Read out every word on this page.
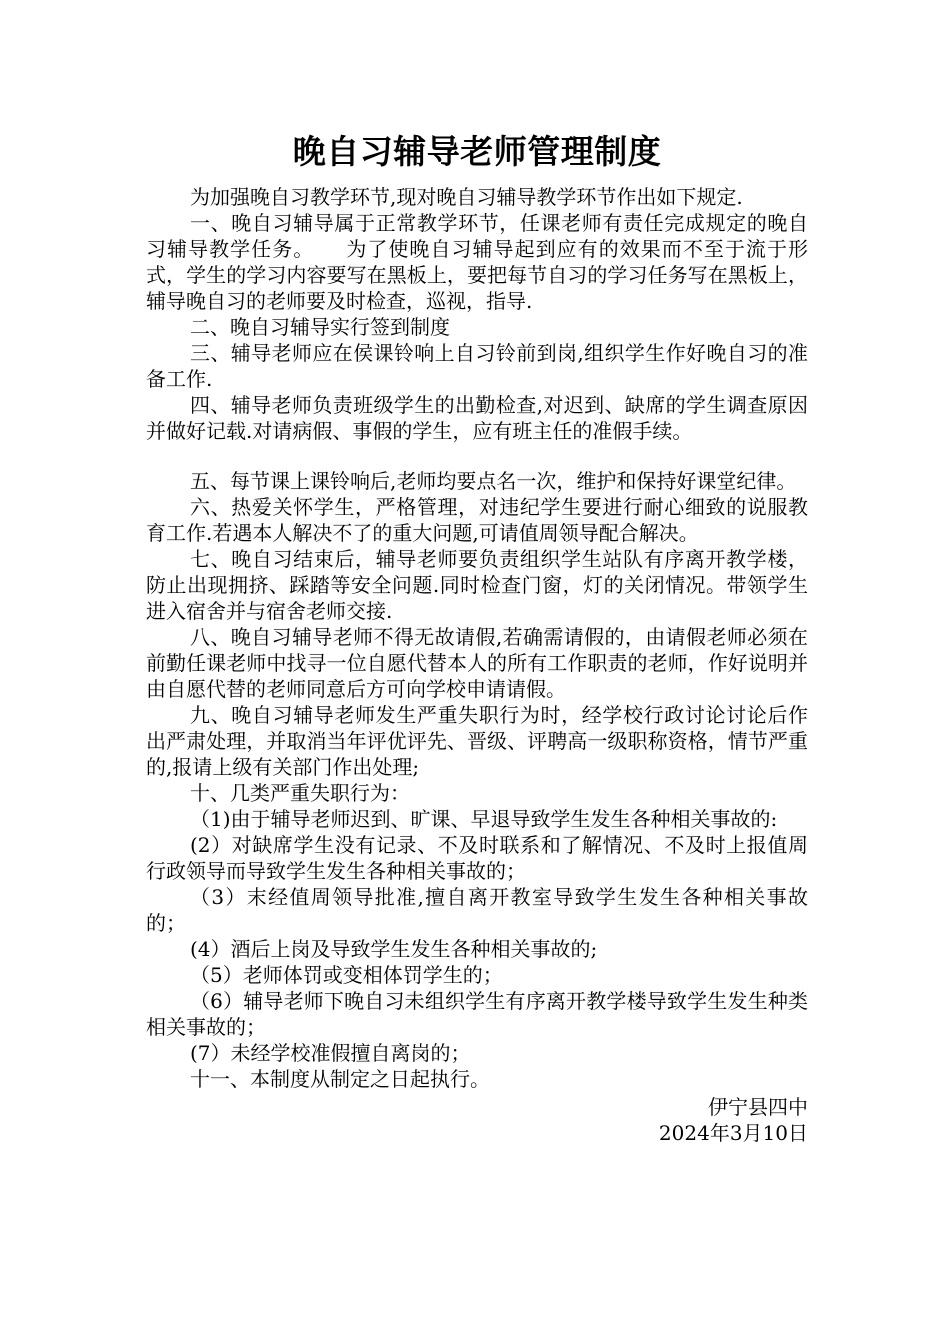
晚自习辅导老师管理制度

为加强晚自习教学环节,现对晚自习辅导教学环节作出如下规定.

一、晚自习辅导属于正常教学环节，任课老师有责任完成规定的晚自习辅导教学任务。　　为了使晚自习辅导起到应有的效果而不至于流于形式，学生的学习内容要写在黑板上，要把每节自习的学习任务写在黑板上，辅导晚自习的老师要及时检查，巡视，指导.

二、晚自习辅导实行签到制度

三、辅导老师应在侯课铃响上自习铃前到岗,组织学生作好晚自习的准备工作.

四、辅导老师负责班级学生的出勤检查,对迟到、缺席的学生调查原因并做好记载.对请病假、事假的学生，应有班主任的准假手续。

五、每节课上课铃响后,老师均要点名一次，维护和保持好课堂纪律。

六、热爱关怀学生，严格管理，对违纪学生要进行耐心细致的说服教育工作.若遇本人解决不了的重大问题,可请值周领导配合解决。

七、晚自习结束后，辅导老师要负责组织学生站队有序离开教学楼，防止出现拥挤、踩踏等安全问题.同时检查门窗，灯的关闭情况。带领学生进入宿舍并与宿舍老师交接.

八、晚自习辅导老师不得无故请假,若确需请假的，由请假老师必须在前勤任课老师中找寻一位自愿代替本人的所有工作职责的老师，作好说明并由自愿代替的老师同意后方可向学校申请请假。

九、晚自习辅导老师发生严重失职行为时，经学校行政讨论讨论后作出严肃处理，并取消当年评优评先、晋级、评聘高一级职称资格，情节严重的,报请上级有关部门作出处理;

十、几类严重失职行为：

（1)由于辅导老师迟到、旷课、早退导致学生发生各种相关事故的:

(2）对缺席学生没有记录、不及时联系和了解情况、不及时上报值周行政领导而导致学生发生各种相关事故的；

（3）末经值周领导批准,擅自离开教室导致学生发生各种相关事故的；

(4）酒后上岗及导致学生发生各种相关事故的;

（5）老师体罚或变相体罚学生的；

（6）辅导老师下晚自习未组织学生有序离开教学楼导致学生发生种类相关事故的；

(7）未经学校准假擅自离岗的；

十一、本制度从制定之日起执行。

伊宁县四中
2024年3月10日
